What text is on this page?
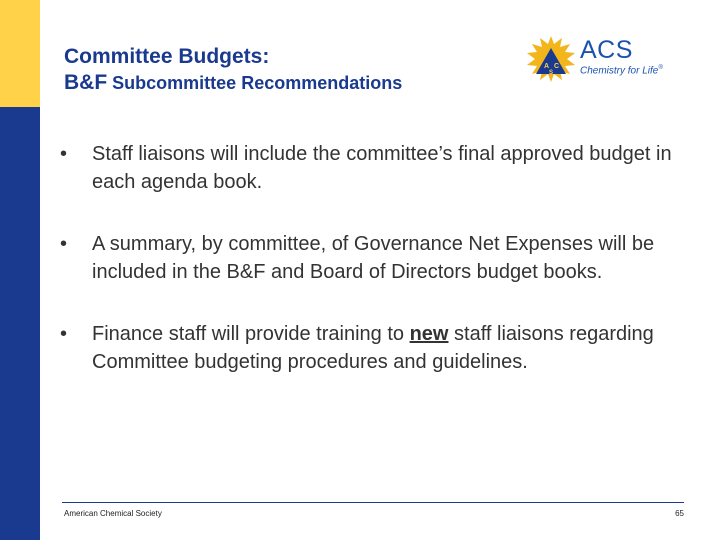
Committee Budgets:
B&F Subcommittee Recommendations
A C
S
ACS
Chemistry for Life®
• Staff liaisons will include the committee’s final approved budget in each agenda book.
• A summary, by committee, of Governance Net Expenses will be included in the B&F and Board of Directors budget books.
• Finance staff will provide training to new staff liaisons regarding Committee budgeting procedures and guidelines.
American Chemical Society	65
